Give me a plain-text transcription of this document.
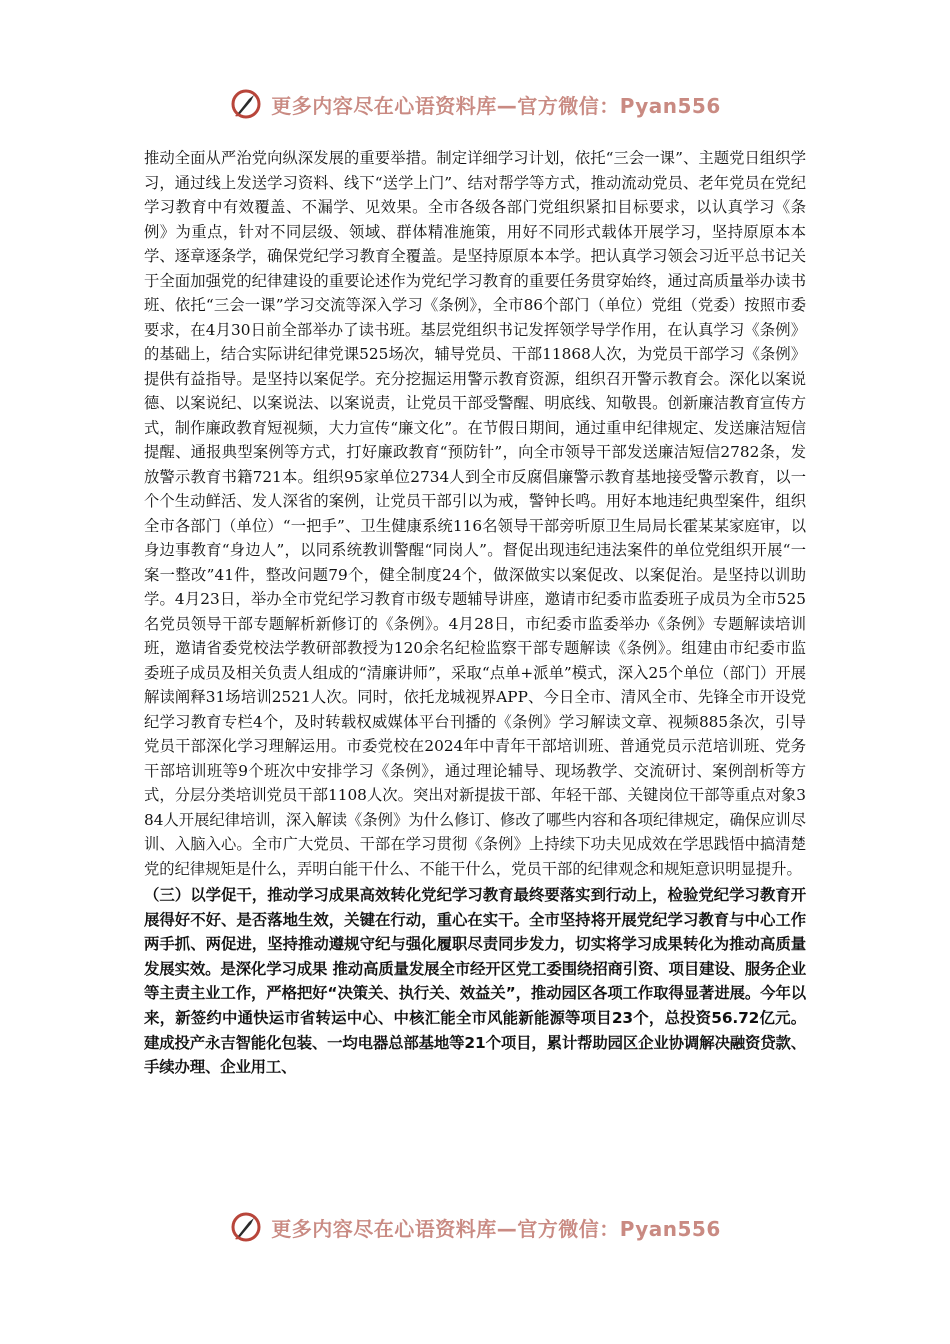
更多内容尽在心语资料库—官方微信：Pyan556

推动全面从严治党向纵深发展的重要举措。制定详细学习计划，依托“三会一课”、主题党日组织学习，通过线上发送学习资料、线下“送学上门”、结对帮学等方式，推动流动党员、老年党员在党纪学习教育中有效覆盖、不漏学、见效果。全市各级各部门党组织紧扣目标要求，以认真学习《条例》为重点，针对不同层级、领域、群体精准施策，用好不同形式载体开展学习，坚持原原本本学、逐章逐条学，确保党纪学习教育全覆盖。是坚持原原本本学。把认真学习领会习近平总书记关于全面加强党的纪律建设的重要论述作为党纪学习教育的重要任务贯穿始终，通过高质量举办读书班、依托“三会一课”学习交流等深入学习《条例》，全市86个部门（单位）党组（党委）按照市委要求，在4月30日前全部举办了读书班。基层党组织书记发挥领学导学作用，在认真学习《条例》的基础上，结合实际讲纪律党课525场次，辅导党员、干部11868人次，为党员干部学习《条例》提供有益指导。是坚持以案促学。充分挖掘运用警示教育资源，组织召开警示教育会。深化以案说德、以案说纪、以案说法、以案说责，让党员干部受警醒、明底线、知敬畏。创新廉洁教育宣传方式，制作廉政教育短视频，大力宣传“廉文化”。在节假日期间，通过重申纪律规定、发送廉洁短信提醒、通报典型案例等方式，打好廉政教育“预防针”，向全市领导干部发送廉洁短信2782条，发放警示教育书籍721本。组织95家单位2734人到全市反腐倡廉警示教育基地接受警示教育，以一个个生动鲜活、发人深省的案例，让党员干部引以为戒，警钟长鸣。用好本地违纪典型案件，组织全市各部门（单位）“一把手”、卫生健康系统116名领导干部旁听原卫生局局长霍某某家庭审，以身边事教育“身边人”，以同系统教训警醒“同岗人”。督促出现违纪违法案件的单位党组织开展“一案一整改”41件，整改问题79个，健全制度24个，做深做实以案促改、以案促治。是坚持以训助学。4月23日，举办全市党纪学习教育市级专题辅导讲座，邀请市纪委市监委班子成员为全市525名党员领导干部专题解析新修订的《条例》。4月28日，市纪委市监委举办《条例》专题解读培训班，邀请省委党校法学教研部教授为120余名纪检监察干部专题解读《条例》。组建由市纪委市监委班子成员及相关负责人组成的“清廉讲师”，采取“点单+派单”模式，深入25个单位（部门）开展解读阐释31场培训2521人次。同时，依托龙城视界APP、今日全市、清风全市、先锋全市开设党纪学习教育专栏4个，及时转载权威媒体平台刊播的《条例》学习解读文章、视频885条次，引导党员干部深化学习理解运用。市委党校在2024年中青年干部培训班、普通党员示范培训班、党务干部培训班等9个班次中安排学习《条例》，通过理论辅导、现场教学、交流研讨、案例剖析等方式，分层分类培训党员干部1108人次。突出对新提拔干部、年轻干部、关键岗位干部等重点对象384人开展纪律培训，深入解读《条例》为什么修订、修改了哪些内容和各项纪律规定，确保应训尽训、入脑入心。全市广大党员、干部在学习贯彻《条例》上持续下功夫见成效在学思践悟中搞清楚党的纪律规矩是什么，弄明白能干什么、不能干什么，党员干部的纪律观念和规矩意识明显提升。

（三）以学促干，推动学习成果高效转化党纪学习教育最终要落实到行动上，检验党纪学习教育开展得好不好、是否落地生效，关键在行动，重心在实干。全市坚持将开展党纪学习教育与中心工作两手抓、两促进，坚持推动遵规守纪与强化履职尽责同步发力，切实将学习成果转化为推动高质量发展实效。是深化学习成果 推动高质量发展全市经开区党工委围绕招商引资、项目建设、服务企业等主责主业工作，严格把好“决策关、执行关、效益关”，推动园区各项工作取得显著进展。今年以来，新签约中通快运市省转运中心、中核汇能全市风能新能源等项目23个，总投资56.72亿元。建成投产永吉智能化包装、一均电器总部基地等21个项目，累计帮助园区企业协调解决融资贷款、手续办理、企业用工、

更多内容尽在心语资料库—官方微信：Pyan556
